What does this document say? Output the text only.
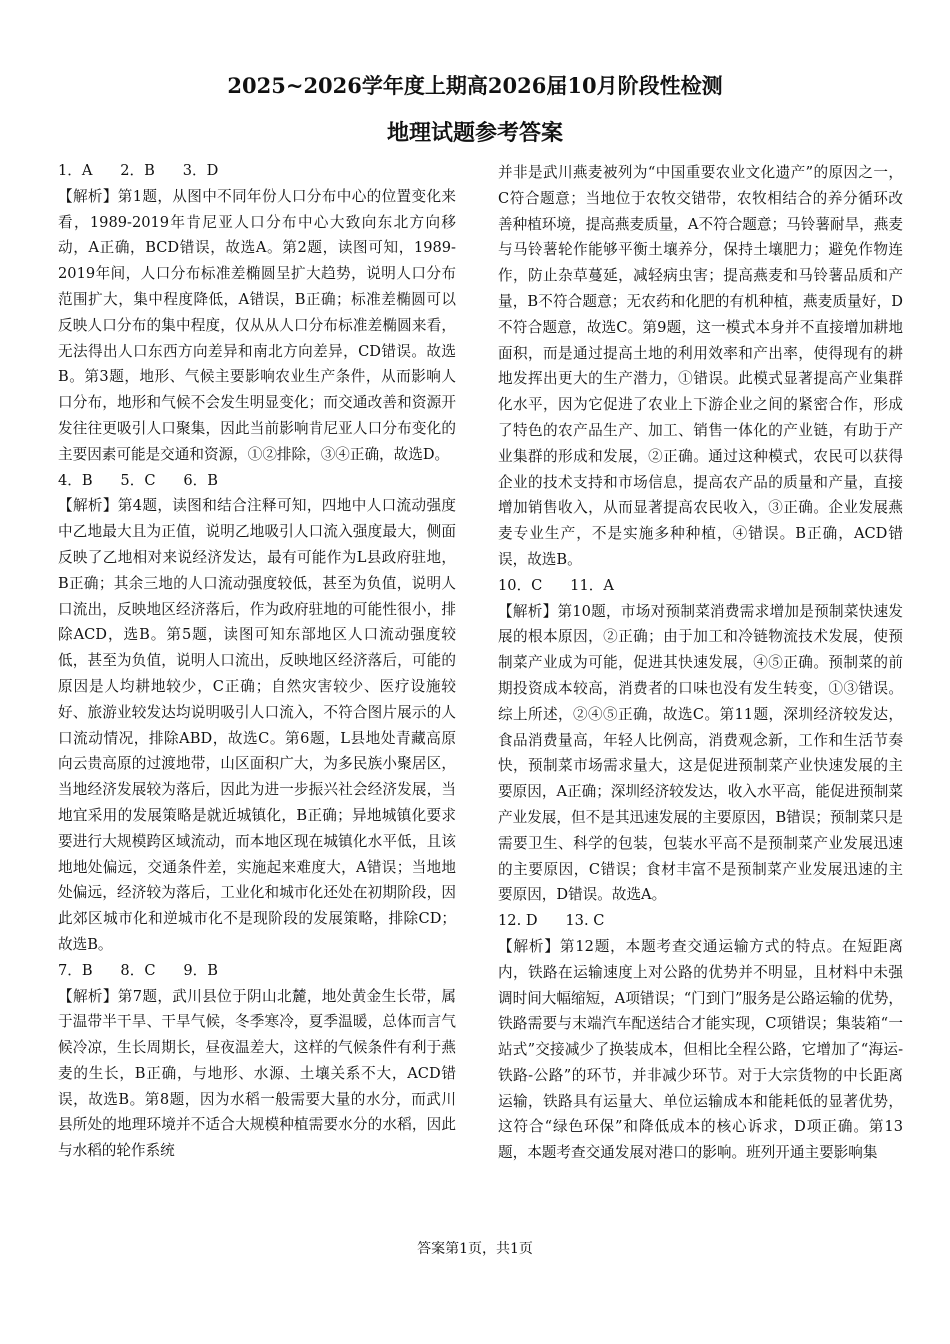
2025~2026学年度上期高2026届10月阶段性检测
地理试题参考答案

1．A      2．B      3．D

【解析】第1题，从图中不同年份人口分布中心的位置变化来看，1989-2019年肯尼亚人口分布中心大致向东北方向移动，A正确，BCD错误，故选A。第2题，读图可知，1989-2019年间，人口分布标准差椭圆呈扩大趋势，说明人口分布范围扩大，集中程度降低，A错误，B正确；标准差椭圆可以反映人口分布的集中程度，仅从从人口分布标准差椭圆来看，无法得出人口东西方向差异和南北方向差异，CD错误。故选B。第3题，地形、气候主要影响农业生产条件，从而影响人口分布，地形和气候不会发生明显变化；而交通改善和资源开发往往更吸引人口聚集，因此当前影响肯尼亚人口分布变化的主要因素可能是交通和资源，①②排除，③④正确，故选D。

4．B      5．C      6．B

【解析】第4题，读图和结合注释可知，四地中人口流动强度中乙地最大且为正值，说明乙地吸引人口流入强度最大，侧面反映了乙地相对来说经济发达，最有可能作为L县政府驻地，B正确；其余三地的人口流动强度较低，甚至为负值，说明人口流出，反映地区经济落后，作为政府驻地的可能性很小，排除ACD，选B。第5题，读图可知东部地区人口流动强度较低，甚至为负值，说明人口流出，反映地区经济落后，可能的原因是人均耕地较少，C正确；自然灾害较少、医疗设施较好、旅游业较发达均说明吸引人口流入，不符合图片展示的人口流动情况，排除ABD，故选C。第6题，L县地处青藏高原向云贵高原的过渡地带，山区面积广大，为多民族小聚居区，当地经济发展较为落后，因此为进一步振兴社会经济发展，当地宜采用的发展策略是就近城镇化，B正确；异地城镇化要求要进行大规模跨区域流动，而本地区现在城镇化水平低，且该地地处偏远，交通条件差，实施起来难度大，A错误；当地地处偏远，经济较为落后，工业化和城市化还处在初期阶段，因此郊区城市化和逆城市化不是现阶段的发展策略，排除CD；故选B。

7．B      8．C      9．B

【解析】第7题，武川县位于阴山北麓，地处黄金生长带，属于温带半干旱、干旱气候，冬季寒冷，夏季温暖，总体而言气候冷凉，生长周期长，昼夜温差大，这样的气候条件有利于燕麦的生长，B正确，与地形、水源、土壤关系不大，ACD错误，故选B。第8题，因为水稻一般需要大量的水分，而武川县所处的地理环境并不适合大规模种植需要水分的水稻，因此与水稻的轮作系统

并非是武川燕麦被列为“中国重要农业文化遗产”的原因之一，C符合题意；当地位于农牧交错带，农牧相结合的养分循环改善种植环境，提高燕麦质量，A不符合题意；马铃薯耐旱，燕麦与马铃薯轮作能够平衡土壤养分，保持土壤肥力；避免作物连作，防止杂草蔓延，减轻病虫害；提高燕麦和马铃薯品质和产量，B不符合题意；无农药和化肥的有机种植，燕麦质量好，D不符合题意，故选C。第9题，这一模式本身并不直接增加耕地面积，而是通过提高土地的利用效率和产出率，使得现有的耕地发挥出更大的生产潜力，①错误。此模式显著提高产业集群化水平，因为它促进了农业上下游企业之间的紧密合作，形成了特色的农产品生产、加工、销售一体化的产业链，有助于产业集群的形成和发展，②正确。通过这种模式，农民可以获得企业的技术支持和市场信息，提高农产品的质量和产量，直接增加销售收入，从而显著提高农民收入，③正确。企业发展燕麦专业生产，不是实施多种种植，④错误。B正确，ACD错误，故选B。

10．C      11．A

【解析】第10题，市场对预制菜消费需求增加是预制菜快速发展的根本原因，②正确；由于加工和冷链物流技术发展，使预制菜产业成为可能，促进其快速发展，④⑤正确。预制菜的前期投资成本较高，消费者的口味也没有发生转变，①③错误。综上所述，②④⑤正确，故选C。第11题，深圳经济较发达，食品消费量高，年轻人比例高，消费观念新，工作和生活节奏快，预制菜市场需求量大，这是促进预制菜产业快速发展的主要原因，A正确；深圳经济较发达，收入水平高，能促进预制菜产业发展，但不是其迅速发展的主要原因，B错误；预制菜只是需要卫生、科学的包装，包装水平高不是预制菜产业发展迅速的主要原因，C错误；食材丰富不是预制菜产业发展迅速的主要原因，D错误。故选A。

12. D      13. C

【解析】第12题，本题考查交通运输方式的特点。在短距离内，铁路在运输速度上对公路的优势并不明显，且材料中未强调时间大幅缩短，A项错误；“门到门”服务是公路运输的优势，铁路需要与末端汽车配送结合才能实现，C项错误；集装箱“一站式”交接减少了换装成本，但相比全程公路，它增加了“海运-铁路-公路”的环节，并非减少环节。对于大宗货物的中长距离运输，铁路具有运量大、单位运输成本和能耗低的显著优势，这符合“绿色环保”和降低成本的核心诉求，D项正确。第13题，本题考查交通发展对港口的影响。班列开通主要影响集

答案第1页，共1页
